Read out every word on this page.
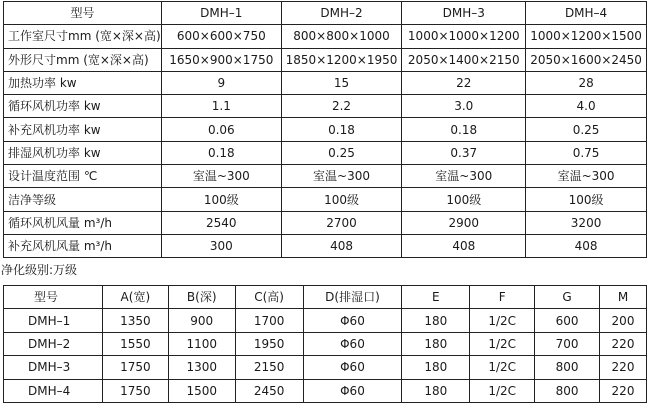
型号	DMH–1	DMH–2	DMH–3	DMH–4
工作室尺寸mm (宽×深×高)	600×600×750	800×800×1000	1000×1000×1200	1000×1200×1500
外形尺寸mm (宽×深×高)	1650×900×1750	1850×1200×1950	2050×1400×2150	2050×1600×2450
加热功率 kw	9	15	22	28
循环风机功率 kw	1.1	2.2	3.0	4.0
补充风机功率 kw	0.06	0.18	0.18	0.25
排湿风机功率 kw	0.18	0.25	0.37	0.75
设计温度范围 ℃	室温~300	室温~300	室温~300	室温~300
洁净等级	100级	100级	100级	100级
循环风机风量 m³/h	2540	2700	2900	3200
补充风机风量 m³/h	300	408	408	408
净化级别:万级
型号	A(宽)	B(深)	C(高)	D(排湿口)	E	F	G	M
DMH–1	1350	900	1700	Φ60	180	1/2C	600	200
DMH–2	1550	1100	1950	Φ60	180	1/2C	700	220
DMH–3	1750	1300	2150	Φ60	180	1/2C	800	220
DMH–4	1750	1500	2450	Φ60	180	1/2C	800	220
